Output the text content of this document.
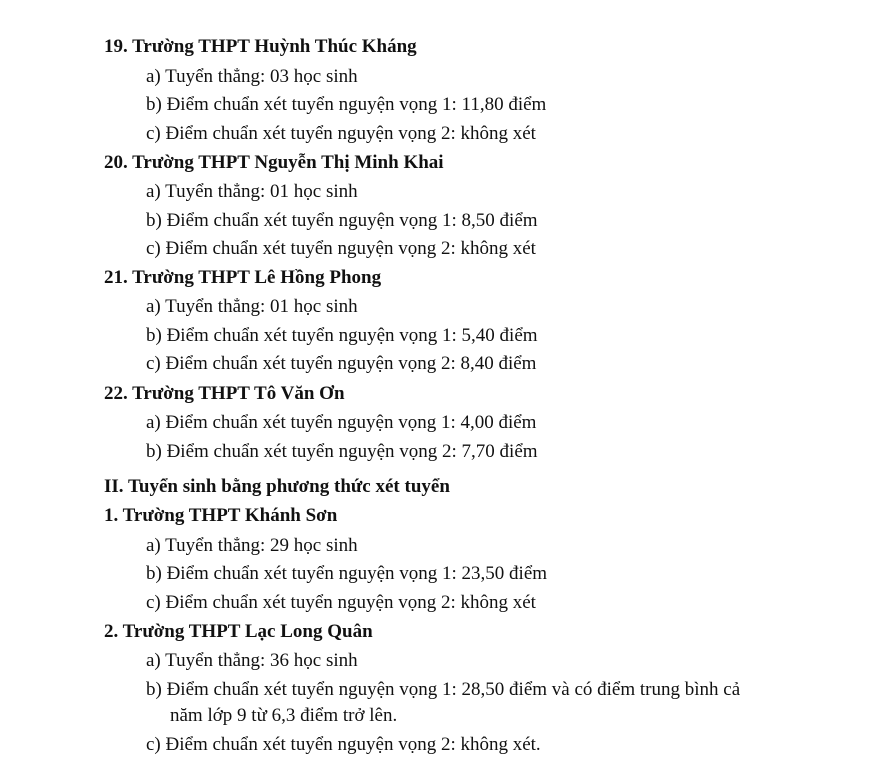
19. Trường THPT Huỳnh Thúc Kháng
a) Tuyển thẳng: 03 học sinh
b) Điểm chuẩn xét tuyển nguyện vọng 1: 11,80 điểm
c) Điểm chuẩn xét tuyển nguyện vọng 2: không xét
20. Trường THPT Nguyễn Thị Minh Khai
a) Tuyển thẳng: 01 học sinh
b) Điểm chuẩn xét tuyển nguyện vọng 1: 8,50 điểm
c) Điểm chuẩn xét tuyển nguyện vọng 2: không xét
21. Trường THPT Lê Hồng Phong
a) Tuyển thẳng: 01 học sinh
b) Điểm chuẩn xét tuyển nguyện vọng 1: 5,40 điểm
c) Điểm chuẩn xét tuyển nguyện vọng 2: 8,40 điểm
22. Trường THPT Tô Văn Ơn
a) Điểm chuẩn xét tuyển nguyện vọng 1: 4,00 điểm
b) Điểm chuẩn xét tuyển nguyện vọng 2: 7,70 điểm
II. Tuyển sinh bằng phương thức xét tuyển
1. Trường THPT Khánh Sơn
a) Tuyển thẳng: 29 học sinh
b) Điểm chuẩn xét tuyển nguyện vọng 1: 23,50 điểm
c) Điểm chuẩn xét tuyển nguyện vọng 2: không xét
2. Trường THPT Lạc Long Quân
a) Tuyển thẳng: 36 học sinh
b) Điểm chuẩn xét tuyển nguyện vọng 1: 28,50 điểm và có điểm trung bình cả
năm lớp 9 từ 6,3 điểm trở lên.
c) Điểm chuẩn xét tuyển nguyện vọng 2: không xét.
